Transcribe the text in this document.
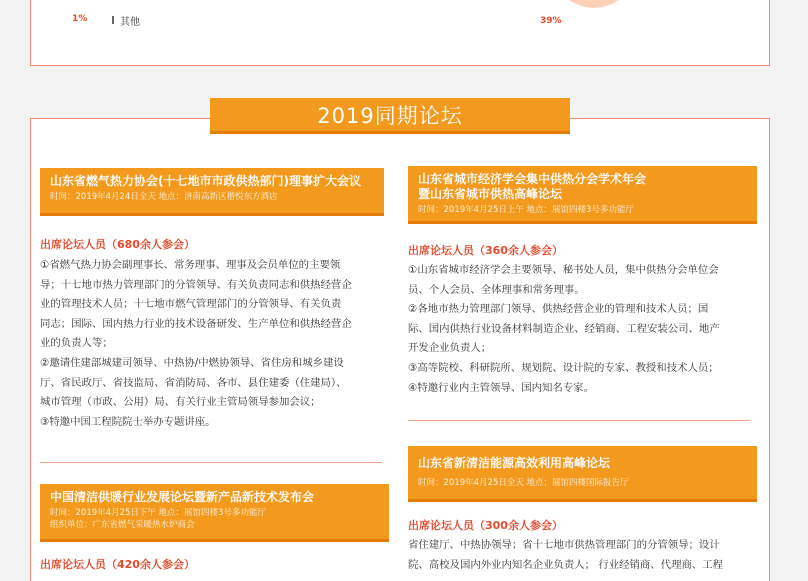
1%	其他	39%
2019同期论坛
山东省燃气热力协会(十七地市市政供热部门)理事扩大会议
时间：2019年4月24日全天 地点：济南高新区楷悦东方酒店
出席论坛人员（680余人参会）
①省燃气热力协会副理事长、常务理事、理事及会员单位的主要领
导；十七地市热力管理部门的分管领导、有关负责同志和供热经营企
业的管理技术人员；十七地市燃气管理部门的分管领导、有关负责
同志；国际、国内热力行业的技术设备研发、生产单位和供热经营企
业的负责人等；
②邀请住建部城建司领导、中热协/中燃协领导、省住房和城乡建设
厅、省民政厅、省技监局、省消防局、各市、县住建委（住建局）、
城市管理（市政、公用）局、有关行业主管局领导参加会议；
③特邀中国工程院院士举办专题讲座。
中国清洁供暖行业发展论坛暨新产品新技术发布会
时间：2019年4月25日下午 地点：展馆四楼3号多功能厅
组织单位：广东省燃气采暖热水炉商会
出席论坛人员（420余人参会）
山东省城市经济学会集中供热分会学术年会
暨山东省城市供热高峰论坛
时间：2019年4月25日上午 地点：展馆四楼3号多功能厅
出席论坛人员（360余人参会）
①山东省城市经济学会主要领导、秘书处人员，集中供热分会单位会
员、个人会员、全体理事和常务理事。
②各地市热力管理部门领导、供热经营企业的管理和技术人员；国
际、国内供热行业设备材料制造企业、经销商、工程安装公司、地产
开发企业负责人；
③高等院校、科研院所、规划院、设计院的专家、教授和技术人员；
④特邀行业内主管领导、国内知名专家。
山东省新清洁能源高效利用高峰论坛
时间：2019年4月25日全天 地点：展馆四楼国际报告厅
出席论坛人员（300余人参会）
省住建厅、中热协领导；省十七地市供热管理部门的分管领导；设计
院、高校及国内外业内知名企业负责人； 行业经销商、代理商、工程
